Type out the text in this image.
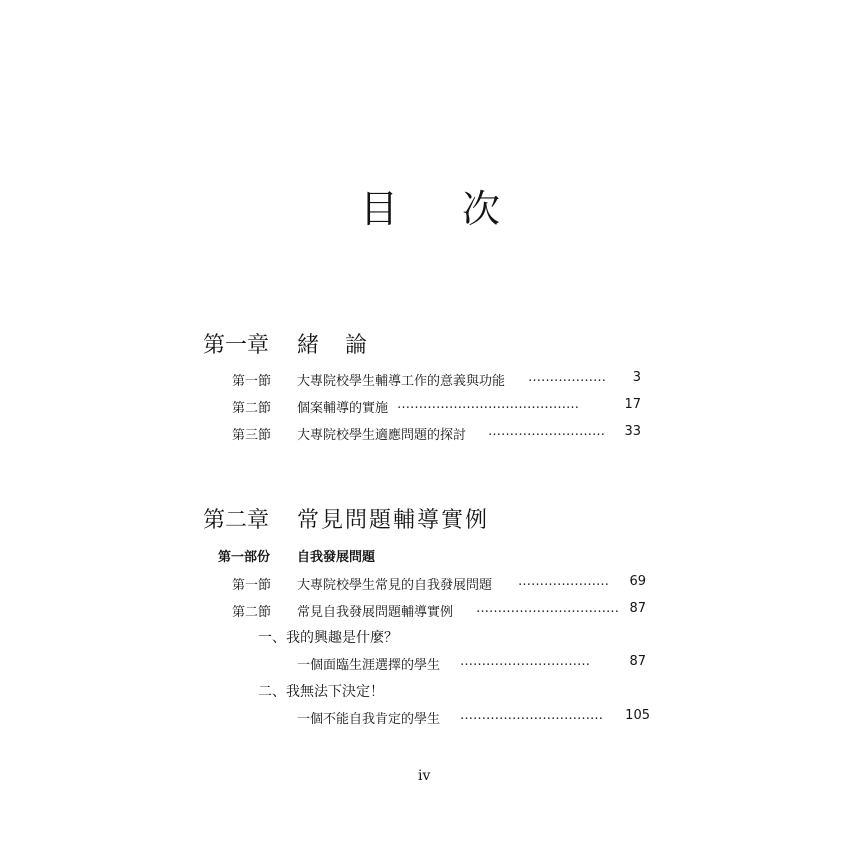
目 次
第一章 緒　論
第一節 大專院校學生輔導工作的意義與功能 ………………	3
第二節 個案輔導的實施 ……………………………………	17
第三節 大專院校學生適應問題的探討 ………………………	33
第二章 常見問題輔導實例
第一部份 自我發展問題
第一節 大專院校學生常見的自我發展問題 …………………	69
第二節 常見自我發展問題輔導實例 …………………………… 87
一、我的興趣是什麼？
一個面臨生涯選擇的學生 …………………………	87
二、我無法下決定！
一個不能自我肯定的學生 ……………………………	105
iv
